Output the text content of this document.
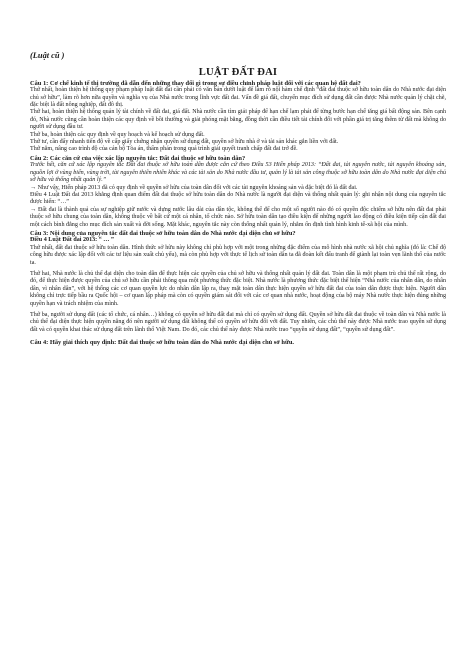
(Luật cũ )
LUẬT ĐẤT ĐAI
Câu 1: Cơ chế kinh tế thị trường đã dẫn đến những thay đổi gì trong sự điều chỉnh pháp luật đối với các quan hệ đất đai?

Thứ nhất, hoàn thiện hệ thống quy phạm pháp luật đất đai cần phải có văn bản dưới luật để làm rõ nội hàm chế định “đất đai thuộc sở hữu toàn dân do Nhà nước đại diện chủ sở hữu”, làm rõ hơn nữa quyền và nghĩa vụ của Nhà nước trong lĩnh vực đất đai. Vấn đề giá đất, chuyển mục đích sử dụng đất cần được Nhà nước quản lý chặt chẽ, đặc biệt là đất nông nghiệp, đất đô thị.

Thứ hai, hoàn thiện hệ thống quản lý tài chính về đất đai, giá đất. Nhà nước cần tìm giải pháp để hạn chế lạm phát để từng bước hạn chế tăng giá bất động sản. Bên cạnh đó, Nhà nước cũng cần hoàn thiện các quy định về bồi thường và giải phóng mặt bằng, đồng thời cần điều tiết tài chính đối với phần giá trị tăng thêm từ đất mà không do người sử dụng đầu tư.

Thứ ba, hoàn thiện các quy định về quy hoạch và kế hoạch sử dụng đất.

Thứ tư, cần đẩy nhanh tiến độ về cấp giấy chứng nhận quyền sử dụng đất, quyền sở hữu nhà ở và tài sản khác gắn liền với đất.

Thứ năm, nâng cao trình độ của cán bộ Tòa án, thẩm phán trong quá trình giải quyết tranh chấp đất đai trở đề.

Câu 2: Các căn cứ của việc xác lập nguyên tắc: Đất đai thuộc sở hữu toàn dân?

Trước hết, căn cứ xác lập nguyên tắc Đất đai thuộc sở hữu toàn dân được căn cứ theo Điều 53 Hiến pháp 2013: “Đất đai, tài nguyên nước, tài nguyên khoáng sản, nguồn lợi ở vùng biển, vùng trời, tài nguyên thiên nhiên khác và các tài sản do Nhà nước đầu tư, quản lý là tài sản công thuộc sở hữu toàn dân do Nhà nước đại diện chủ sở hữu và thống nhất quản lý.”

→ Như vậy, Hiến pháp 2013 đã có quy định về quyền sở hữu của toàn dân đối với các tài nguyên khoáng sản và đặc biệt đó là đất đai.

Điều 4 Luật Đất đai 2013 khẳng định quan điểm đất đai thuộc sở hữu toàn dân do Nhà nước là người đại diện và thống nhất quản lý: ghi nhận nội dung của nguyên tắc được hiến: “…”

→ Đất đai là thành quả của sự nghiệp giữ nước và dựng nước lâu dài của dân tộc, không thể để cho một số người nào đó có quyền độc chiếm sở hữu nên đất đai phải thuộc sở hữu chung của toàn dân, không thuộc về bất cứ một cá nhân, tổ chức nào. Sở hữu toàn dân tạo điều kiện để những người lao động có điều kiện tiếp cận đất đai một cách bình đẳng cho mục đích sản xuất và đời sống. Mặt khác, nguyên tắc này còn thống nhất quản lý, nhằm ổn định tình hình kinh tế-xã hội của mình.

Câu 3: Nội dung của nguyên tắc đất đai thuộc sở hữu toàn dân do Nhà nước đại diện chủ sở hữu?

Điều 4 Luật Đất đai 2013: “ … ”

Thứ nhất, đất đai thuộc sở hữu toàn dân. Hình thức sở hữu này không chỉ phù hợp với một trong những đặc điểm của mô hình nhà nước xã hội chủ nghĩa (đó là: Chế độ công hữu được xác lập đối với các tư liệu sản xuất chủ yếu), mà còn phù hợp với thực tế lịch sử toàn dân ta đã đoàn kết đấu tranh để giành lại toàn vẹn lãnh thổ của nước ta.

Thứ hai, Nhà nước là chủ thể đại diện cho toàn dân để thực hiện các quyền của chủ sở hữu và thống nhất quản lý đất đai. Toàn dân là một phạm trù chủ thể rất rộng, do đó, để thực hiện được quyền của chủ sở hữu cần phải thông qua một phương thức đặc biệt. Nhà nước là phương thức đặc biệt thể hiện “Nhà nước của nhân dân, do nhân dân, vì nhân dân”, với hệ thống các cơ quan quyền lực do nhân dân lập ra, thay mặt toàn dân thực hiện quyền sở hữu đất đai của toàn dân được thực hiện. Người dân không chỉ trực tiếp bầu ra Quốc hội – cơ quan lập pháp mà còn có quyền giám sát đối với các cơ quan nhà nước, hoạt động của bộ máy Nhà nước thực hiện đúng những quyền hạn và trách nhiệm của mình.

Thứ ba, người sử dụng đất (các tổ chức, cá nhân…) không có quyền sở hữu đất đai mà chỉ có quyền sử dụng đất. Quyền sở hữu đất đai thuộc về toàn dân và Nhà nước là chủ thể đại diện thực hiện quyền năng đó nên người sử dụng đất không thể có quyền sở hữu đối với đất. Tuy nhiên, các chủ thể này được Nhà nước trao quyền sử dụng đất và có quyền khai thác sử dụng đất trên lãnh thổ Việt Nam. Do đó, các chủ thể này được Nhà nước trao “quyền sử dụng đất”, “quyền sử dụng đất”.

Câu 4: Hãy giải thích quy định: Đất đai thuộc sở hữu toàn dân do Nhà nước đại diện chủ sở hữu.
